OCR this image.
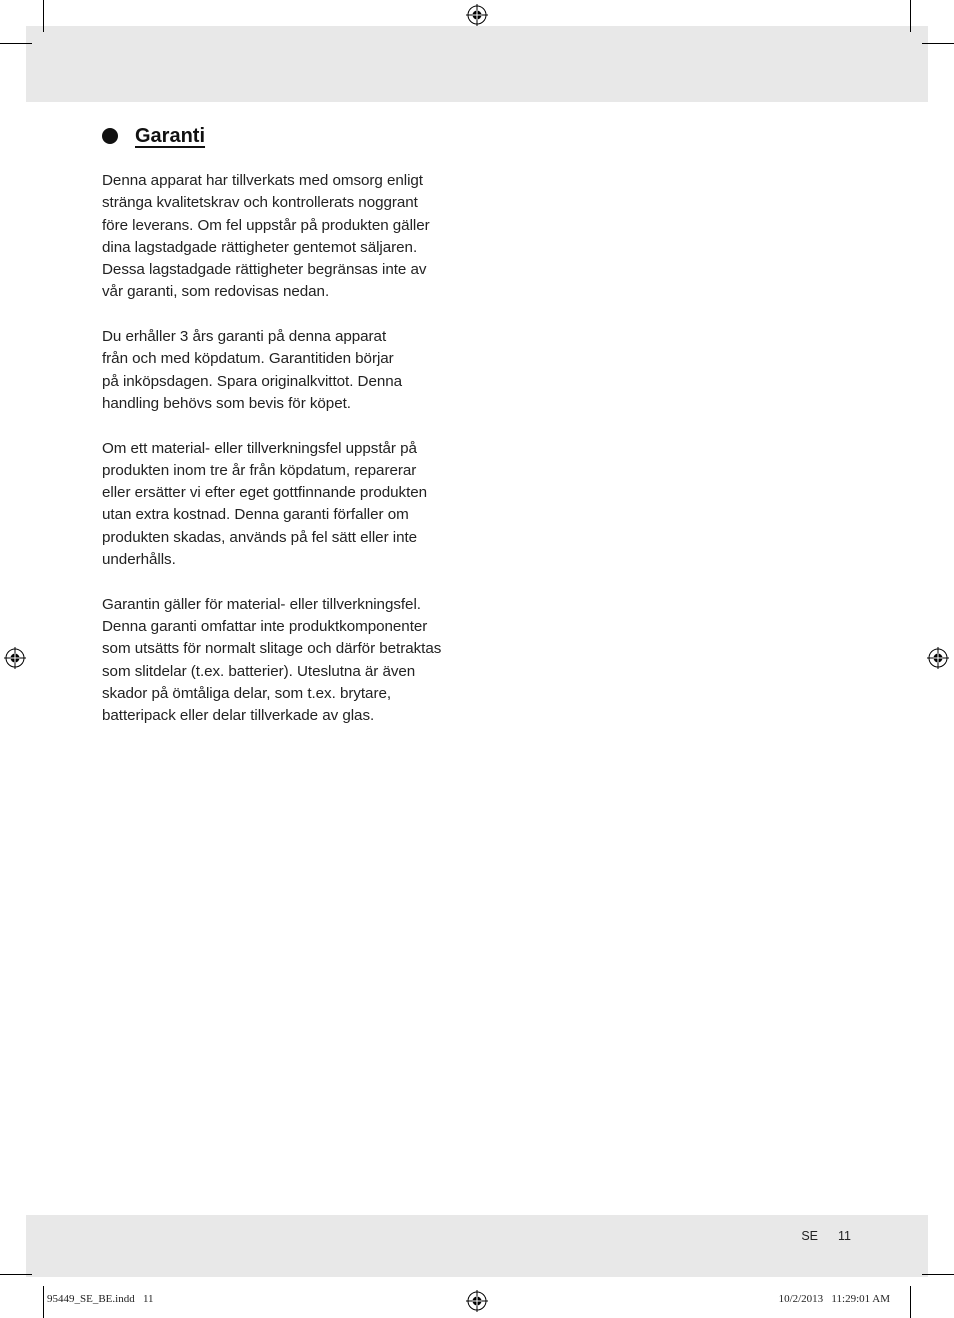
Garanti

Denna apparat har tillverkats med omsorg enligt
stränga kvalitetskrav och kontrollerats noggrant
före leverans. Om fel uppstår på produkten gäller
dina lagstadgade rättigheter gentemot säljaren.
Dessa lagstadgade rättigheter begränsas inte av
vår garanti, som redovisas nedan.

Du erhåller 3 års garanti på denna apparat
från och med köpdatum. Garantitiden börjar
på inköpsdagen. Spara originalkvittot. Denna
handling behövs som bevis för köpet.

Om ett material- eller tillverkningsfel uppstår på
produkten inom tre år från köpdatum, reparerar
eller ersätter vi efter eget gottfinnande produkten
utan extra kostnad. Denna garanti förfaller om
produkten skadas, används på fel sätt eller inte
underhålls.

Garantin gäller för material- eller tillverkningsfel.
Denna garanti omfattar inte produktkomponenter
som utsätts för normalt slitage och därför betraktas
som slitdelar (t.ex. batterier). Uteslutna är även
skador på ömtåliga delar, som t.ex. brytare,
batteripack eller delar tillverkade av glas.

SE 11
95449_SE_BE.indd   11	10/2/2013   11:29:01 AM
